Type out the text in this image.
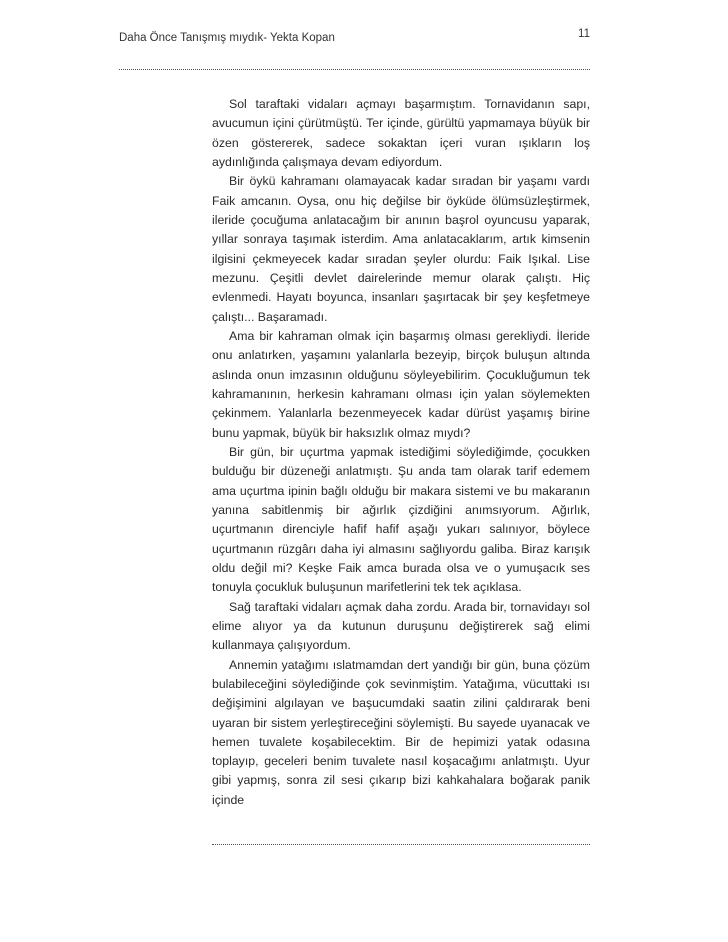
Daha Önce Tanışmış mıydık- Yekta Kopan	11

Sol taraftaki vidaları açmayı başarmıştım. Tornavidanın sapı, avucumun içini çürütmüştü. Ter içinde, gürültü yapmamaya büyük bir özen göstererek, sadece sokaktan içeri vuran ışıkların loş aydınlığında çalışmaya devam ediyordum.

Bir öykü kahramanı olamayacak kadar sıradan bir yaşamı vardı Faik amcanın. Oysa, onu hiç değilse bir öyküde ölümsüzleştirmek, ileride çocuğuma anlatacağım bir anının başrol oyuncusu yaparak, yıllar sonraya taşımak isterdim. Ama anlatacaklarım, artık kimsenin ilgisini çekmeyecek kadar sıradan şeyler olurdu: Faik Işıkal. Lise mezunu. Çeşitli devlet dairelerinde memur olarak çalıştı. Hiç evlenmedi. Hayatı boyunca, insanları şaşırtacak bir şey keşfetmeye çalıştı... Başaramadı.

Ama bir kahraman olmak için başarmış olması gerekliydi. İleride onu anlatırken, yaşamını yalanlarla bezeyip, birçok buluşun altında aslında onun imzasının olduğunu söyleyebilirim. Çocukluğumun tek kahramanının, herkesin kahramanı olması için yalan söylemekten çekinmem. Yalanlarla bezenmeyecek kadar dürüst yaşamış birine bunu yapmak, büyük bir haksızlık olmaz mıydı?

Bir gün, bir uçurtma yapmak istediğimi söylediğimde, çocukken bulduğu bir düzeneği anlatmıştı. Şu anda tam olarak tarif edemem ama uçurtma ipinin bağlı olduğu bir makara sistemi ve bu makaranın yanına sabitlenmiş bir ağırlık çizdiğini anımsıyorum. Ağırlık, uçurtmanın direnciyle hafif hafif aşağı yukarı salınıyor, böylece uçurtmanın rüzgârı daha iyi almasını sağlıyordu galiba. Biraz karışık oldu değil mi? Keşke Faik amca burada olsa ve o yumuşacık ses tonuyla çocukluk buluşunun marifetlerini tek tek açıklasa.

Sağ taraftaki vidaları açmak daha zordu. Arada bir, tornavidayı sol elime alıyor ya da kutunun duruşunu değiştirerek sağ elimi kullanmaya çalışıyordum.

Annemin yatağımı ıslatmamdan dert yandığı bir gün, buna çözüm bulabileceğini söylediğinde çok sevinmiştim. Yatağıma, vücuttaki ısı değişimini algılayan ve başucumdaki saatin zilini çaldırarak beni uyaran bir sistem yerleştireceğini söylemişti. Bu sayede uyanacak ve hemen tuvalete koşabilecektim. Bir de hepimizi yatak odasına toplayıp, geceleri benim tuvalete nasıl koşacağımı anlatmıştı. Uyur gibi yapmış, sonra zil sesi çıkarıp bizi kahkahalara boğarak panik içinde
